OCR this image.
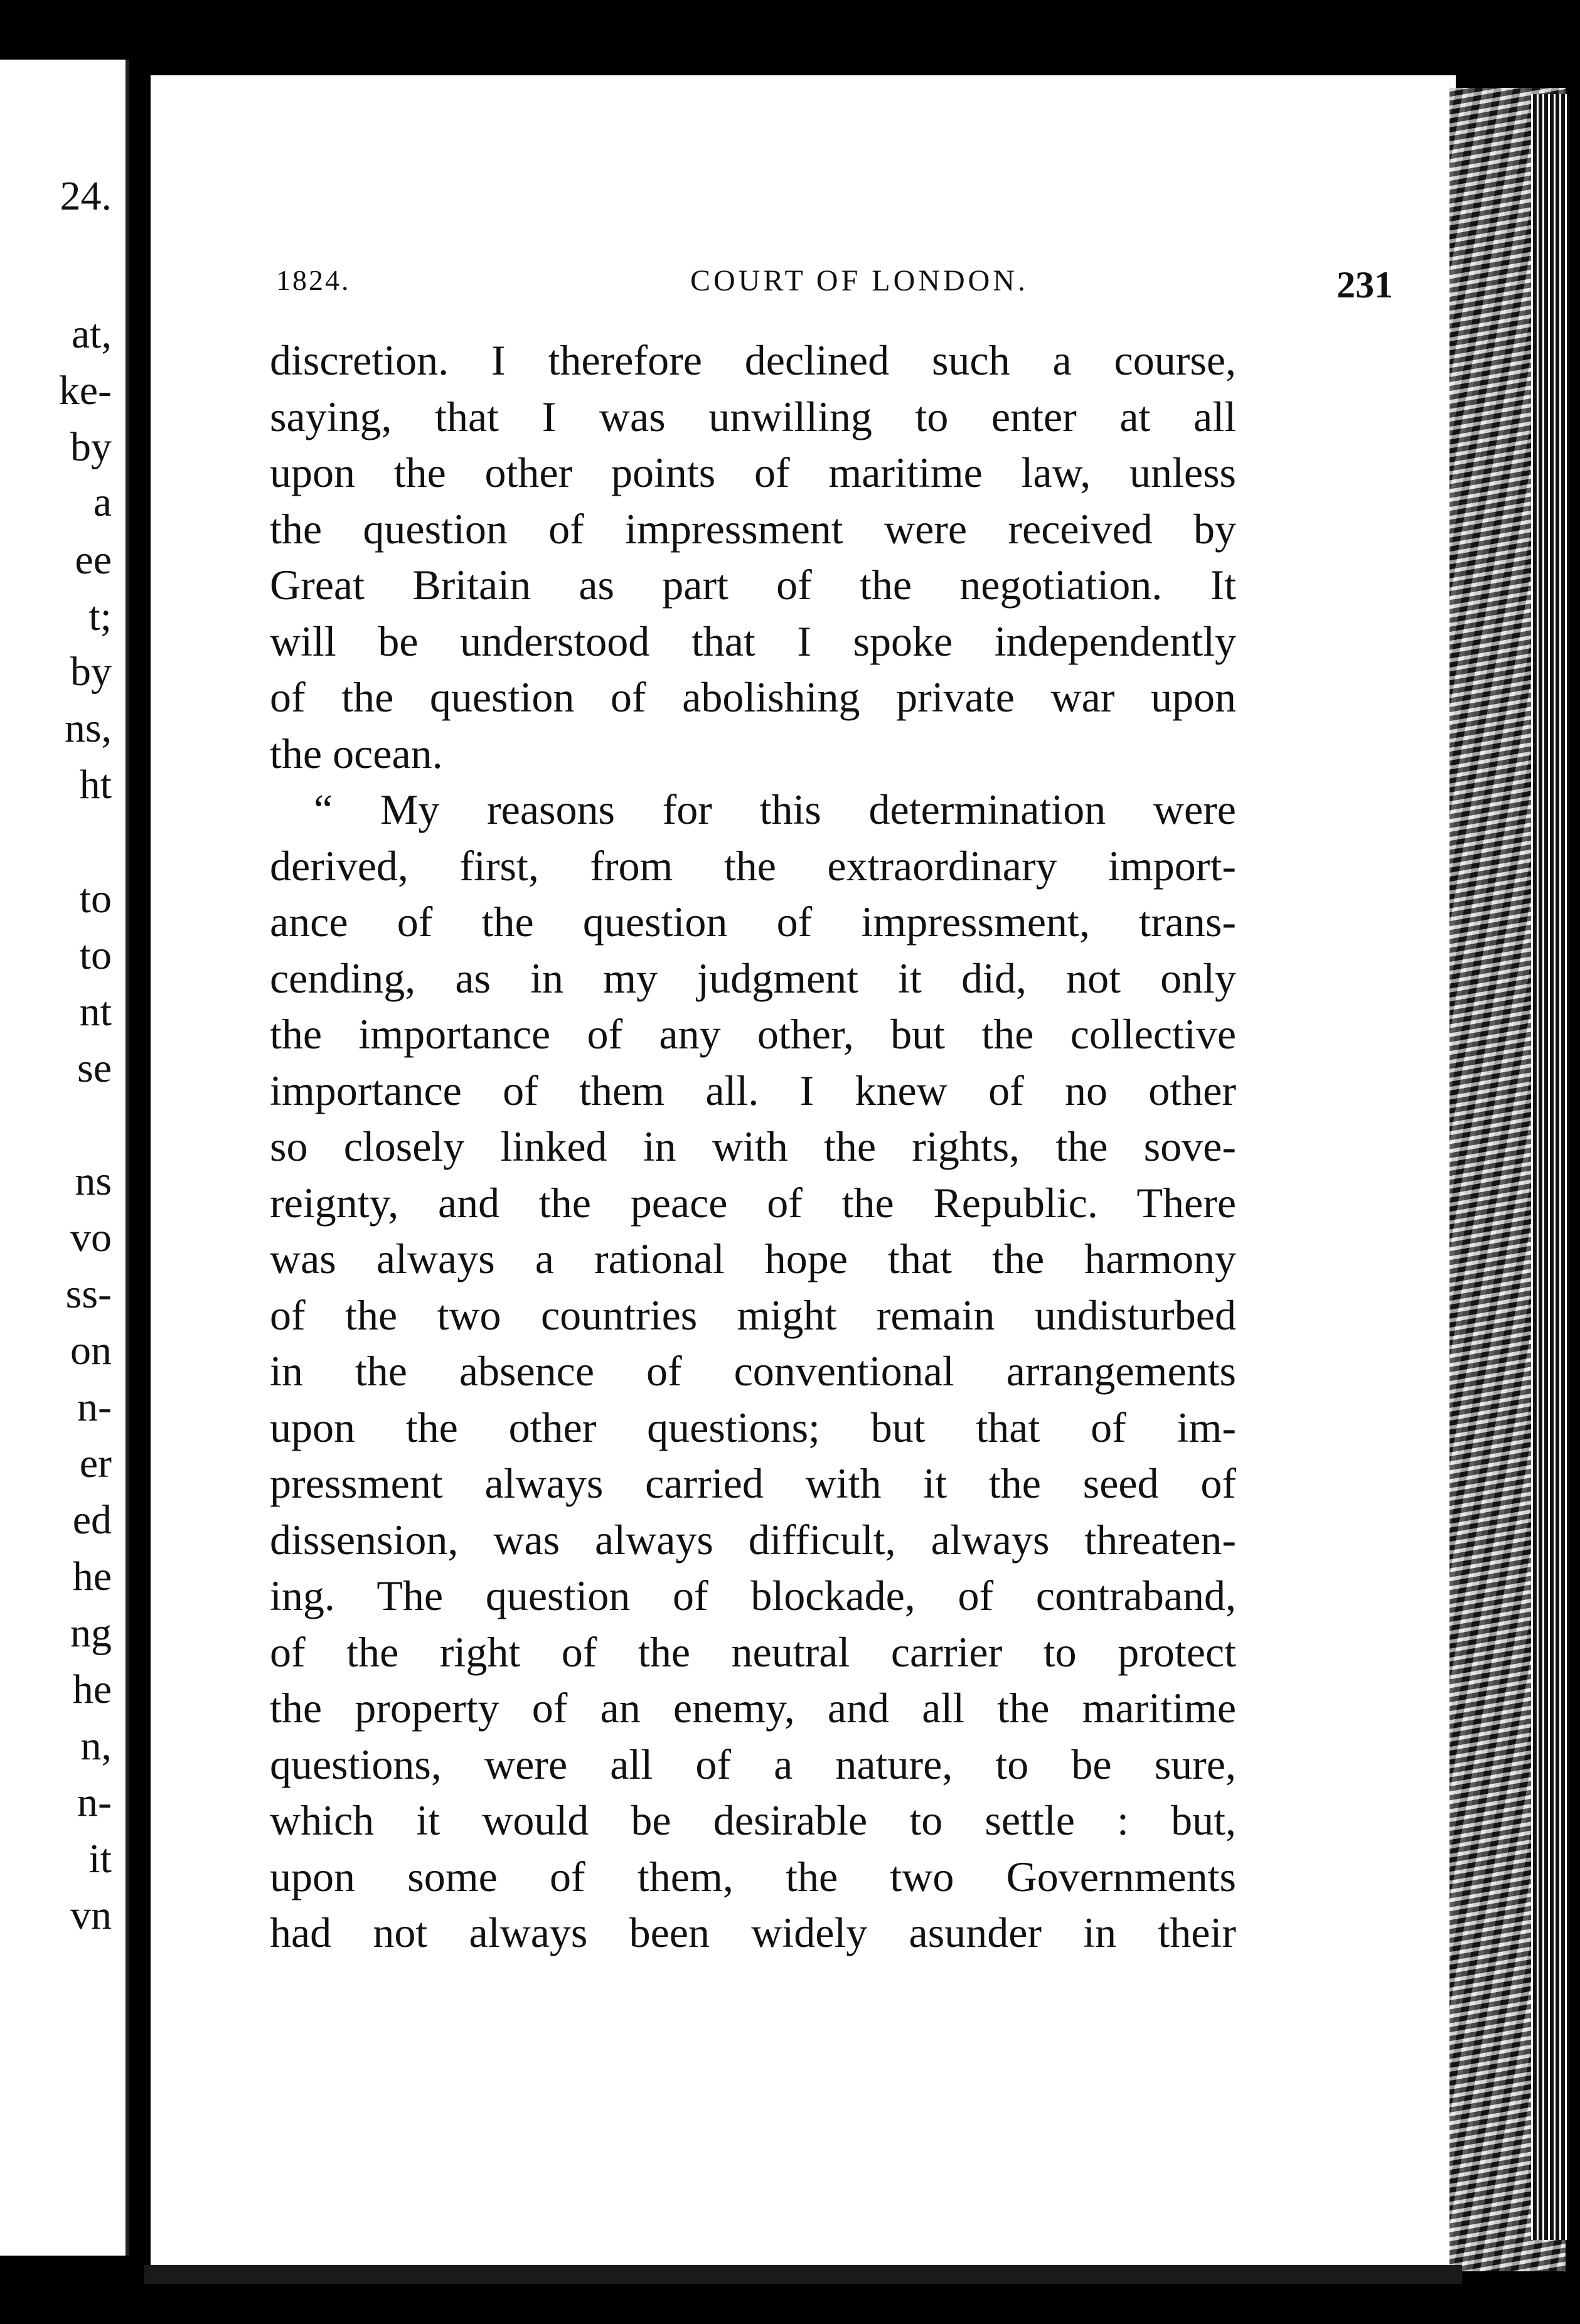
24.
at,
ke-
by
a
ee
t;
by
ns,
ht
to
to
nt
se
ns
vo
ss-
on
n-
er
ed
he
ng
he
n,
n-
it
vn
1824.	COURT OF LONDON.	231
discretion. I therefore declined such a course,
saying, that I was unwilling to enter at all
upon the other points of maritime law, unless
the question of impressment were received by
Great Britain as part of the negotiation. It
will be understood that I spoke independently
of the question of abolishing private war upon
the ocean.
“ My reasons for this determination were
derived, first, from the extraordinary import-
ance of the question of impressment, trans-
cending, as in my judgment it did, not only
the importance of any other, but the collective
importance of them all. I knew of no other
so closely linked in with the rights, the sove-
reignty, and the peace of the Republic. There
was always a rational hope that the harmony
of the two countries might remain undisturbed
in the absence of conventional arrangements
upon the other questions; but that of im-
pressment always carried with it the seed of
dissension, was always difficult, always threaten-
ing. The question of blockade, of contraband,
of the right of the neutral carrier to protect
the property of an enemy, and all the maritime
questions, were all of a nature, to be sure,
which it would be desirable to settle : but,
upon some of them, the two Governments
had not always been widely asunder in their
